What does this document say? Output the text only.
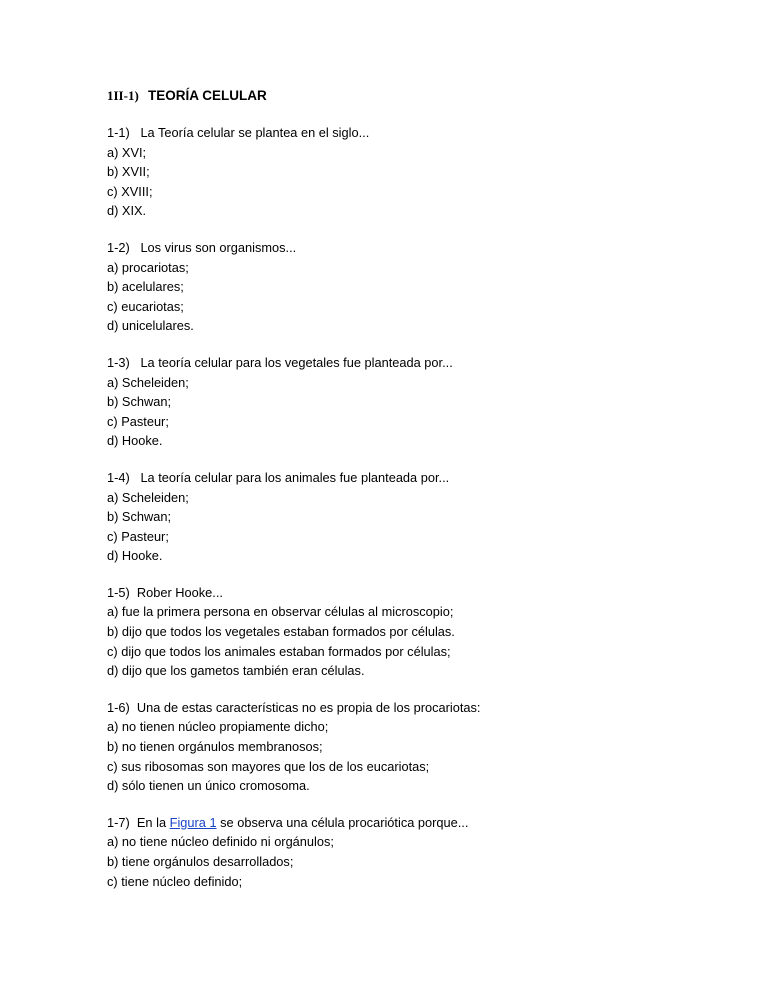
1II-1) TEORÍA CELULAR
1-1) La Teoría celular se plantea en el siglo...
a) XVI;
b) XVII;
c) XVIII;
d) XIX.
1-2) Los virus son organismos...
a) procariotas;
b) acelulares;
c) eucariotas;
d) unicelulares.
1-3) La teoría celular para los vegetales fue planteada por...
a) Scheleiden;
b) Schwan;
c) Pasteur;
d) Hooke.
1-4) La teoría celular para los animales fue planteada por...
a) Scheleiden;
b) Schwan;
c) Pasteur;
d) Hooke.
1-5) Rober Hooke...
a) fue la primera persona en observar células al microscopio;
b) dijo que todos los vegetales estaban formados por células.
c) dijo que todos los animales estaban formados por células;
d) dijo que los gametos también eran células.
1-6) Una de estas características no es propia de los procariotas:
a) no tienen núcleo propiamente dicho;
b) no tienen orgánulos membranosos;
c) sus ribosomas son mayores que los de los eucariotas;
d) sólo tienen un único cromosoma.
1-7) En la Figura 1 se observa una célula procariótica porque...
a) no tiene núcleo definido ni orgánulos;
b) tiene orgánulos desarrollados;
c) tiene núcleo definido;
